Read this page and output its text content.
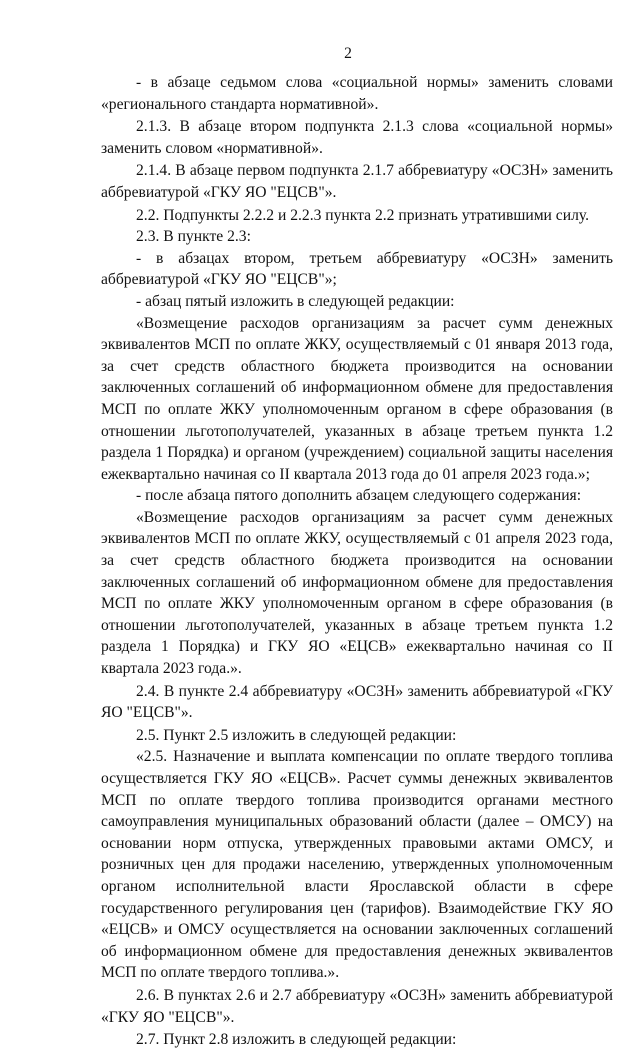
2

- в абзаце седьмом слова «социальной нормы» заменить словами «регионального стандарта нормативной».

2.1.3. В абзаце втором подпункта 2.1.3 слова «социальной нормы» заменить словом «нормативной».

2.1.4. В абзаце первом подпункта 2.1.7 аббревиатуру «ОСЗН» заменить аббревиатурой «ГКУ ЯО "ЕЦСВ"».

2.2. Подпункты 2.2.2 и 2.2.3 пункта 2.2 признать утратившими силу.

2.3. В пункте 2.3:

- в абзацах втором, третьем аббревиатуру «ОСЗН» заменить аббревиатурой «ГКУ ЯО "ЕЦСВ"»;

- абзац пятый изложить в следующей редакции:

«Возмещение расходов организациям за расчет сумм денежных эквивалентов МСП по оплате ЖКУ, осуществляемый с 01 января 2013 года, за счет средств областного бюджета производится на основании заключенных соглашений об информационном обмене для предоставления МСП по оплате ЖКУ уполномоченным органом в сфере образования (в отношении льготополучателей, указанных в абзаце третьем пункта 1.2 раздела 1 Порядка) и органом (учреждением) социальной защиты населения ежеквартально начиная со II квартала 2013 года до 01 апреля 2023 года.»;

- после абзаца пятого дополнить абзацем следующего содержания:

«Возмещение расходов организациям за расчет сумм денежных эквивалентов МСП по оплате ЖКУ, осуществляемый с 01 апреля 2023 года, за счет средств областного бюджета производится на основании заключенных соглашений об информационном обмене для предоставления МСП по оплате ЖКУ уполномоченным органом в сфере образования (в отношении льготополучателей, указанных в абзаце третьем пункта 1.2 раздела 1 Порядка) и ГКУ ЯО «ЕЦСВ» ежеквартально начиная со II квартала 2023 года.».

2.4. В пункте 2.4 аббревиатуру «ОСЗН» заменить аббревиатурой «ГКУ ЯО "ЕЦСВ"».

2.5. Пункт 2.5 изложить в следующей редакции:

«2.5. Назначение и выплата компенсации по оплате твердого топлива осуществляется ГКУ ЯО «ЕЦСВ». Расчет суммы денежных эквивалентов МСП по оплате твердого топлива производится органами местного самоуправления муниципальных образований области (далее – ОМСУ) на основании норм отпуска, утвержденных правовыми актами ОМСУ, и розничных цен для продажи населению, утвержденных уполномоченным органом исполнительной власти Ярославской области в сфере государственного регулирования цен (тарифов). Взаимодействие ГКУ ЯО «ЕЦСВ» и ОМСУ осуществляется на основании заключенных соглашений об информационном обмене для предоставления денежных эквивалентов МСП по оплате твердого топлива.».

2.6. В пунктах 2.6 и 2.7 аббревиатуру «ОСЗН» заменить аббревиатурой «ГКУ ЯО "ЕЦСВ"».

2.7. Пункт 2.8 изложить в следующей редакции:
